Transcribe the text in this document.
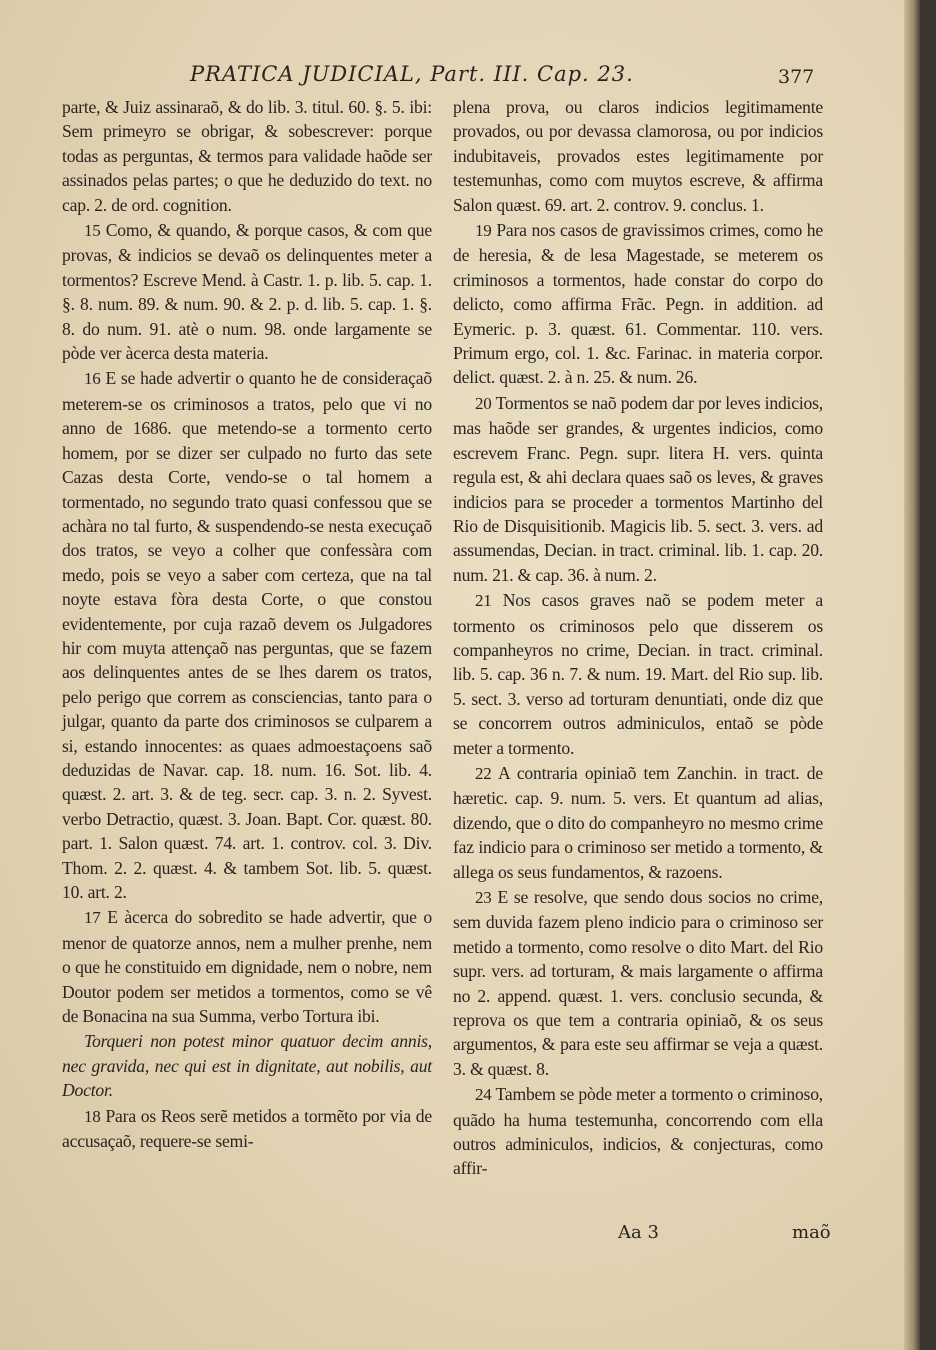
PRATICA JUDICIAL, Part. III. Cap. 23.	377

parte, & Juiz assinaraõ, & do lib. 3. titul. 60. §. 5. ibi: Sem primeyro se obrigar, & sobescrever: porque todas as perguntas, & termos para validade haõde ser assinados pelas partes; o que he deduzido do text. no cap. 2. de ord. cognition.

15 Como, & quando, & porque casos, & com que provas, & indicios se devaõ os delinquentes meter a tormentos? Escreve Mend. à Castr. 1. p. lib. 5. cap. 1. §. 8. num. 89. & num. 90. & 2. p. d. lib. 5. cap. 1. §. 8. do num. 91. atè o num. 98. onde largamente se pòde ver àcerca desta materia.

16 E se hade advertir o quanto he de consideraçaõ meterem-se os criminosos a tratos, pelo que vi no anno de 1686. que metendo-se a tormento certo homem, por se dizer ser culpado no furto das sete Cazas desta Corte, vendo-se o tal homem a tormentado, no segundo trato quasi confessou que se achàra no tal furto, & suspendendo-se nesta execuçaõ dos tratos, se veyo a colher que confessàra com medo, pois se veyo a saber com certeza, que na tal noyte estava fòra desta Corte, o que constou evidentemente, por cuja razaõ devem os Julgadores hir com muyta attençaõ nas perguntas, que se fazem aos delinquentes antes de se lhes darem os tratos, pelo perigo que correm as consciencias, tanto para o julgar, quanto da parte dos criminosos se culparem a si, estando innocentes: as quaes admoestaçoens saõ deduzidas de Navar. cap. 18. num. 16. Sot. lib. 4. quæst. 2. art. 3. & de teg. secr. cap. 3. n. 2. Syvest. verbo Detractio, quæst. 3. Joan. Bapt. Cor. quæst. 80. part. 1. Salon quæst. 74. art. 1. controv. col. 3. Div. Thom. 2. 2. quæst. 4. & tambem Sot. lib. 5. quæst. 10. art. 2.

17 E àcerca do sobredito se hade advertir, que o menor de quatorze annos, nem a mulher prenhe, nem o que he constituido em dignidade, nem o nobre, nem Doutor podem ser metidos a tormentos, como se vê de Bonacina na sua Summa, verbo Tortura ibi.

Torqueri non potest minor quatuor decim annis, nec gravida, nec qui est in dignitate, aut nobilis, aut Doctor.

18 Para os Reos serẽ metidos a tormẽto por via de accusaçaõ, requere-se semi-

plena prova, ou claros indicios legitimamente provados, ou por devassa clamorosa, ou por indicios indubitaveis, provados estes legitimamente por testemunhas, como com muytos escreve, & affirma Salon quæst. 69. art. 2. controv. 9. conclus. 1.

19 Para nos casos de gravissimos crimes, como he de heresia, & de lesa Magestade, se meterem os criminosos a tormentos, hade constar do corpo do delicto, como affirma Frãc. Pegn. in addition. ad Eymeric. p. 3. quæst. 61. Commentar. 110. vers. Primum ergo, col. 1. &c. Farinac. in materia corpor. delict. quæst. 2. à n. 25. & num. 26.

20 Tormentos se naõ podem dar por leves indicios, mas haõde ser grandes, & urgentes indicios, como escrevem Franc. Pegn. supr. litera H. vers. quinta regula est, & ahi declara quaes saõ os leves, & graves indicios para se proceder a tormentos Martinho del Rio de Disquisitionib. Magicis lib. 5. sect. 3. vers. ad assumendas, Decian. in tract. criminal. lib. 1. cap. 20. num. 21. & cap. 36. à num. 2.

21 Nos casos graves naõ se podem meter a tormento os criminosos pelo que disserem os companheyros no crime, Decian. in tract. criminal. lib. 5. cap. 36 n. 7. & num. 19. Mart. del Rio sup. lib. 5. sect. 3. verso ad torturam denuntiati, onde diz que se concorrem outros adminiculos, entaõ se pòde meter a tormento.

22 A contraria opiniaõ tem Zanchin. in tract. de hæretic. cap. 9. num. 5. vers. Et quantum ad alias, dizendo, que o dito do companheyro no mesmo crime faz indicio para o criminoso ser metido a tormento, & allega os seus fundamentos, & razoens.

23 E se resolve, que sendo dous socios no crime, sem duvida fazem pleno indicio para o criminoso ser metido a tormento, como resolve o dito Mart. del Rio supr. vers. ad torturam, & mais largamente o affirma no 2. append. quæst. 1. vers. conclusio secunda, & reprova os que tem a contraria opiniaõ, & os seus argumentos, & para este seu affirmar se veja a quæst. 3. & quæst. 8.

24 Tambem se pòde meter a tormento o criminoso, quãdo ha huma testemunha, concorrendo com ella outros adminiculos, indicios, & conjecturas, como affir-

Aa 3	maõ
